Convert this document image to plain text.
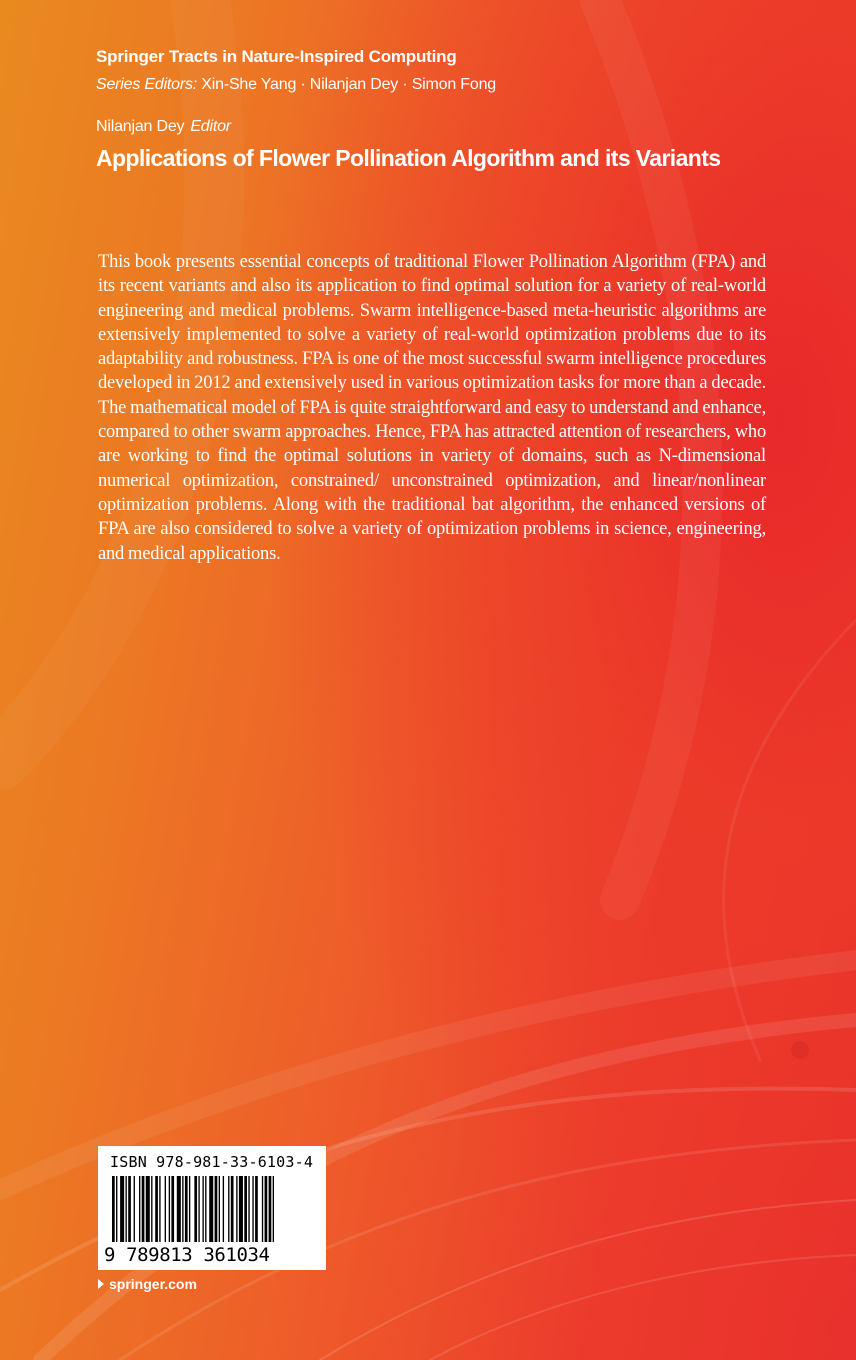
Springer Tracts in Nature-Inspired Computing
Series Editors: Xin-She Yang · Nilanjan Dey · Simon Fong
Nilanjan Dey Editor
Applications of Flower Pollination Algorithm and its Variants
This book presents essential concepts of traditional Flower Pollination Algorithm (FPA) and its recent variants and also its application to find optimal solution for a variety of real-world engineering and medical problems. Swarm intelligence-based meta-heuristic algorithms are extensively implemented to solve a variety of real-world optimization problems due to its adaptability and robustness. FPA is one of the most successful swarm intelligence procedures developed in 2012 and extensively used in various optimization tasks for more than a decade. The mathematical model of FPA is quite straightforward and easy to understand and enhance, compared to other swarm approaches. Hence, FPA has attracted attention of researchers, who are working to find the optimal solutions in variety of domains, such as N-dimensional numerical optimization, constrained/ unconstrained optimization, and linear/nonlinear optimization problems. Along with the traditional bat algorithm, the enhanced versions of FPA are also considered to solve a variety of optimization problems in science, engineering, and medical applications.
ISBN 978-981-33-6103-4
9 789813 361034
springer.com
